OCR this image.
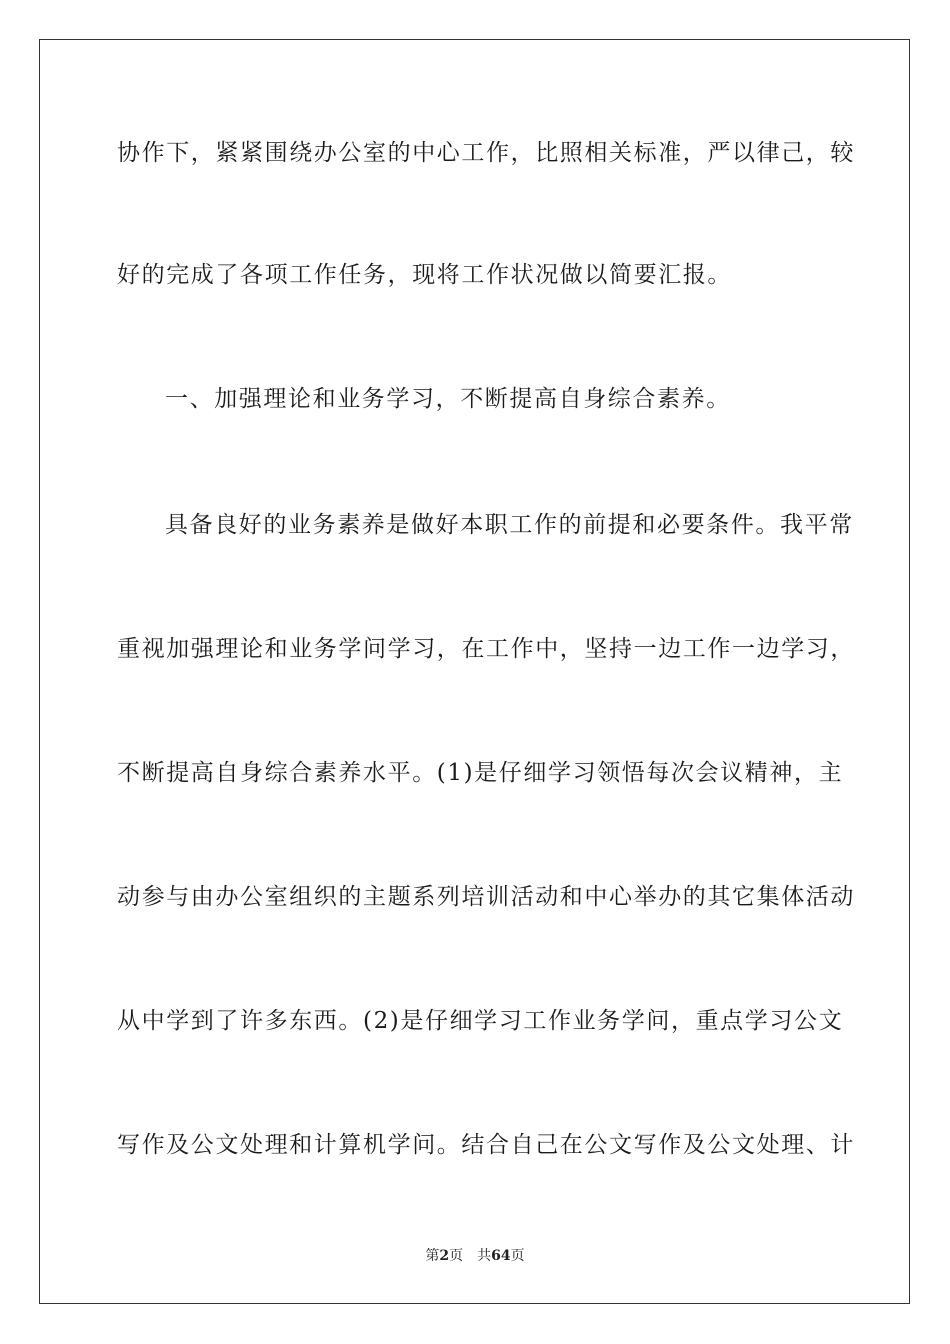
协作下，紧紧围绕办公室的中心工作，比照相关标准，严以律己，较
好的完成了各项工作任务，现将工作状况做以简要汇报。
一、加强理论和业务学习，不断提高自身综合素养。
具备良好的业务素养是做好本职工作的前提和必要条件。我平常
重视加强理论和业务学问学习，在工作中，坚持一边工作一边学习，
不断提高自身综合素养水平。(1)是仔细学习领悟每次会议精神，主
动参与由办公室组织的主题系列培训活动和中心举办的其它集体活动
从中学到了许多东西。(2)是仔细学习工作业务学问，重点学习公文
写作及公文处理和计算机学问。结合自己在公文写作及公文处理、计
第2页 共64页
